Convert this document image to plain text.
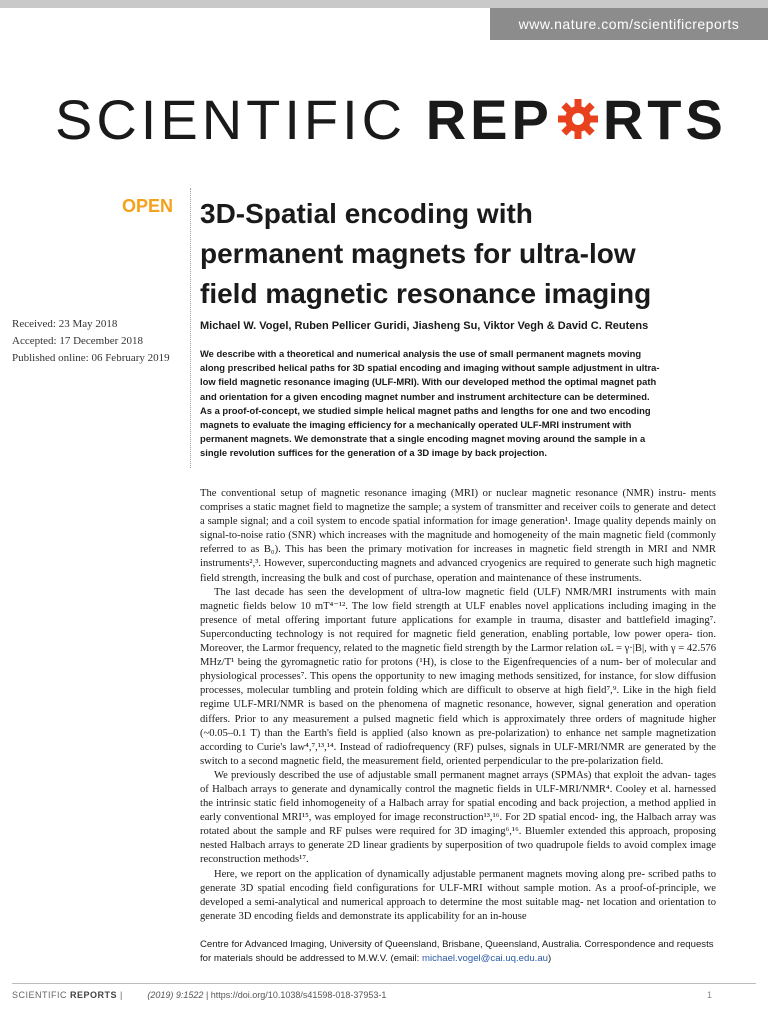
www.nature.com/scientificreports
SCIENTIFIC REP RTS
OPEN 3D-Spatial encoding with
permanent magnets for ultra-low
field magnetic resonance imaging
Received: 23 May 2018
Accepted: 17 December 2018
Published online: 06 February 2019
Michael W. Vogel, Ruben Pellicer Guridi, Jiasheng Su, Viktor Vegh & David C. Reutens
We describe with a theoretical and numerical analysis the use of small permanent magnets moving
along prescribed helical paths for 3D spatial encoding and imaging without sample adjustment in ultra-
low field magnetic resonance imaging (ULF-MRI). With our developed method the optimal magnet path
and orientation for a given encoding magnet number and instrument architecture can be determined.
As a proof-of-concept, we studied simple helical magnet paths and lengths for one and two encoding
magnets to evaluate the imaging efficiency for a mechanically operated ULF-MRI instrument with
permanent magnets. We demonstrate that a single encoding magnet moving around the sample in a
single revolution suffices for the generation of a 3D image by back projection.

The conventional setup of magnetic resonance imaging (MRI) or nuclear magnetic resonance (NMR) instru- ments comprises a static magnet field to magnetize the sample; a system of transmitter and receiver coils to generate and detect a sample signal; and a coil system to encode spatial information for image generation¹. Image quality depends mainly on signal-to-noise ratio (SNR) which increases with the magnitude and homogeneity of the main magnetic field (commonly referred to as B₀). This has been the primary motivation for increases in magnetic field strength in MRI and NMR instruments²,³. However, superconducting magnets and advanced cryogenics are required to generate such high magnetic field strength, increasing the bulk and cost of purchase, operation and maintenance of these instruments.

The last decade has seen the development of ultra-low magnetic field (ULF) NMR/MRI instruments with main magnetic fields below 10 mT⁴⁻¹². The low field strength at ULF enables novel applications including imaging in the presence of metal offering important future applications for example in trauma, disaster and battlefield imaging⁷. Superconducting technology is not required for magnetic field generation, enabling portable, low power opera- tion. Moreover, the Larmor frequency, related to the magnetic field strength by the Larmor relation ωL = γ·|B|, with γ = 42.576 MHz/T¹ being the gyromagnetic ratio for protons (¹H), is close to the Eigenfrequencies of a num- ber of molecular and physiological processes⁷. This opens the opportunity to new imaging methods sensitized, for instance, for slow diffusion processes, molecular tumbling and protein folding which are difficult to observe at high field⁷,⁹. Like in the high field regime ULF-MRI/NMR is based on the phenomena of magnetic resonance, however, signal generation and operation differs. Prior to any measurement a pulsed magnetic field which is approximately three orders of magnitude higher (~0.05–0.1 T) than the Earth's field is applied (also known as pre-polarization) to enhance net sample magnetization according to Curie's law⁴,⁷,¹³,¹⁴. Instead of radiofrequency (RF) pulses, signals in ULF-MRI/NMR are generated by the switch to a second magnetic field, the measurement field, oriented perpendicular to the pre-polarization field.

We previously described the use of adjustable small permanent magnet arrays (SPMAs) that exploit the advan- tages of Halbach arrays to generate and dynamically control the magnetic fields in ULF-MRI/NMR⁴. Cooley et al. harnessed the intrinsic static field inhomogeneity of a Halbach array for spatial encoding and back projection, a method applied in early conventional MRI¹⁵, was employed for image reconstruction¹³,¹⁶. For 2D spatial encod- ing, the Halbach array was rotated about the sample and RF pulses were required for 3D imaging⁶,¹⁶. Bluemler extended this approach, proposing nested Halbach arrays to generate 2D linear gradients by superposition of two quadrupole fields to avoid complex image reconstruction methods¹⁷.

Here, we report on the application of dynamically adjustable permanent magnets moving along pre- scribed paths to generate 3D spatial encoding field configurations for ULF-MRI without sample motion. As a proof-of-principle, we developed a semi-analytical and numerical approach to determine the most suitable mag- net location and orientation to generate 3D encoding fields and demonstrate its applicability for an in-house

Centre for Advanced Imaging, University of Queensland, Brisbane, Queensland, Australia. Correspondence and requests for materials should be addressed to M.W.V. (email: michael.vogel@cai.uq.edu.au)
SCIENTIFIC REPORTS |	(2019) 9:1522 | https://doi.org/10.1038/s41598-018-37953-1	1
